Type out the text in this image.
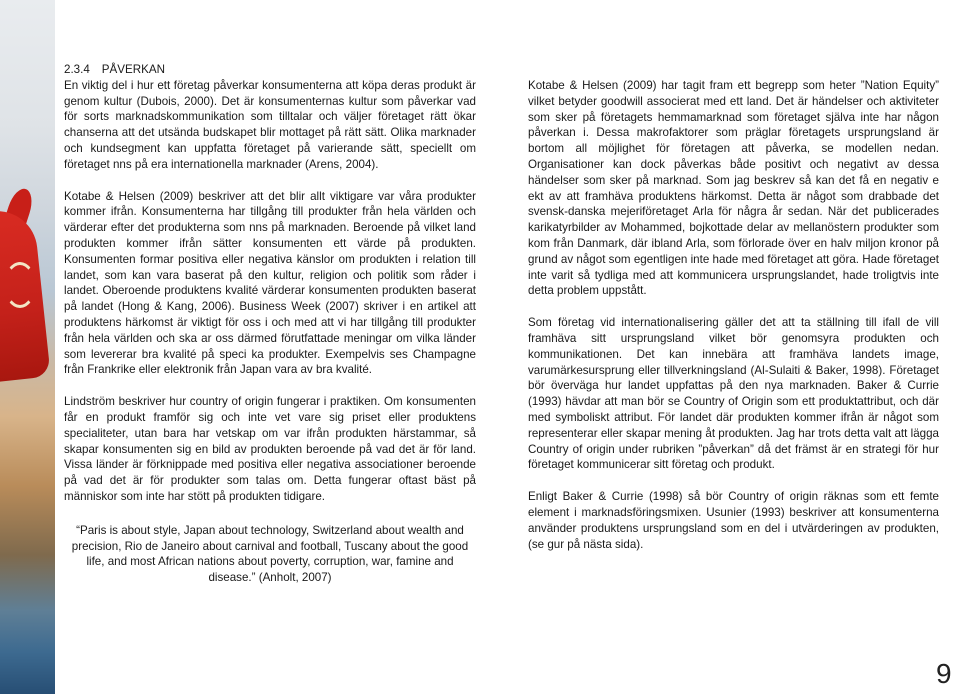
2.3.4 PÅVERKAN

En viktig del i hur ett företag påverkar konsumenterna att köpa deras produkt är genom kultur (Dubois, 2000). Det är konsumenternas kultur som påverkar vad för sorts marknadskommunikation som tilltalar och väljer företaget rätt ökar chanserna att det utsända budskapet blir mottaget på rätt sätt. Olika marknader och kundsegment kan uppfatta företaget på varierande sätt, speciellt om företaget nns på era internationella marknader (Arens, 2004).

Kotabe & Helsen (2009) beskriver att det blir allt viktigare var våra produkter kommer ifrån. Konsumenterna har tillgång till produkter från hela världen och värderar efter det produkterna som nns på marknaden. Beroende på vilket land produkten kommer ifrån sätter konsumenten ett värde på produkten. Konsumenten formar positiva eller negativa känslor om produkten i relation till landet, som kan vara baserat på den kultur, religion och politik som råder i landet. Oberoende produktens kvalité värderar konsumenten produkten baserat på landet (Hong & Kang, 2006). Business Week (2007) skriver i en artikel att produktens härkomst är viktigt för oss i och med att vi har tillgång till produkter från hela världen och ska ar oss därmed förutfattade meningar om vilka länder som levererar bra kvalité på speci ka produkter. Exempelvis ses Champagne från Frankrike eller elektronik från Japan vara av bra kvalité.

Lindström beskriver hur country of origin fungerar i praktiken. Om konsumenten får en produkt framför sig och inte vet vare sig priset eller produktens specialiteter, utan bara har vetskap om var ifrån produkten härstammar, så skapar konsumenten sig en bild av produkten beroende på vad det är för land. Vissa länder är förknippade med positiva eller negativa associationer beroende på vad det är för produkter som talas om. Detta fungerar oftast bäst på människor som inte har stött på produkten tidigare.

“Paris is about style, Japan about technology, Switzerland about wealth and precision, Rio de Janeiro about carnival and football, Tuscany about the good life, and most African nations about poverty, corruption, war, famine and disease.” (Anholt, 2007)

Kotabe & Helsen (2009) har tagit fram ett begrepp som heter ”Nation Equity” vilket betyder goodwill associerat med ett land. Det är händelser och aktiviteter som sker på företagets hemmamarknad som företaget själva inte har någon påverkan i. Dessa makrofaktorer som präglar företagets ursprungsland är bortom all möjlighet för företagen att påverka, se modellen nedan. Organisationer kan dock påverkas både positivt och negativt av dessa händelser som sker på marknad. Som jag beskrev så kan det få en negativ e ekt av att framhäva produktens härkomst. Detta är något som drabbade det svensk-danska mejeriföretaget Arla för några år sedan. När det publicerades karikatyrbilder av Mohammed, bojkottade delar av mellanöstern produkter som kom från Danmark, där ibland Arla, som förlorade över en halv miljon kronor på grund av något som egentligen inte hade med företaget att göra. Hade företaget inte varit så tydliga med att kommunicera ursprungslandet, hade troligtvis inte detta problem uppstått.

Som företag vid internationalisering gäller det att ta ställning till ifall de vill framhäva sitt ursprungsland vilket bör genomsyra produkten och kommunikationen. Det kan innebära att framhäva landets image, varumärkesursprung eller tillverkningsland (Al-Sulaiti & Baker, 1998). Företaget bör överväga hur landet uppfattas på den nya marknaden. Baker & Currie (1993) hävdar att man bör se Country of Origin som ett produktattribut, och där med symboliskt attribut. För landet där produkten kommer ifrån är något som representerar eller skapar mening åt produkten. Jag har trots detta valt att lägga Country of origin under rubriken ”påverkan” då det främst är en strategi för hur företaget kommunicerar sitt företag och produkt.

Enligt Baker & Currie (1998) så bör Country of origin räknas som ett femte element i marknadsföringsmixen. Usunier (1993) beskriver att konsumenterna använder produktens ursprungsland som en del i utvärderingen av produkten, (se gur på nästa sida).

9
